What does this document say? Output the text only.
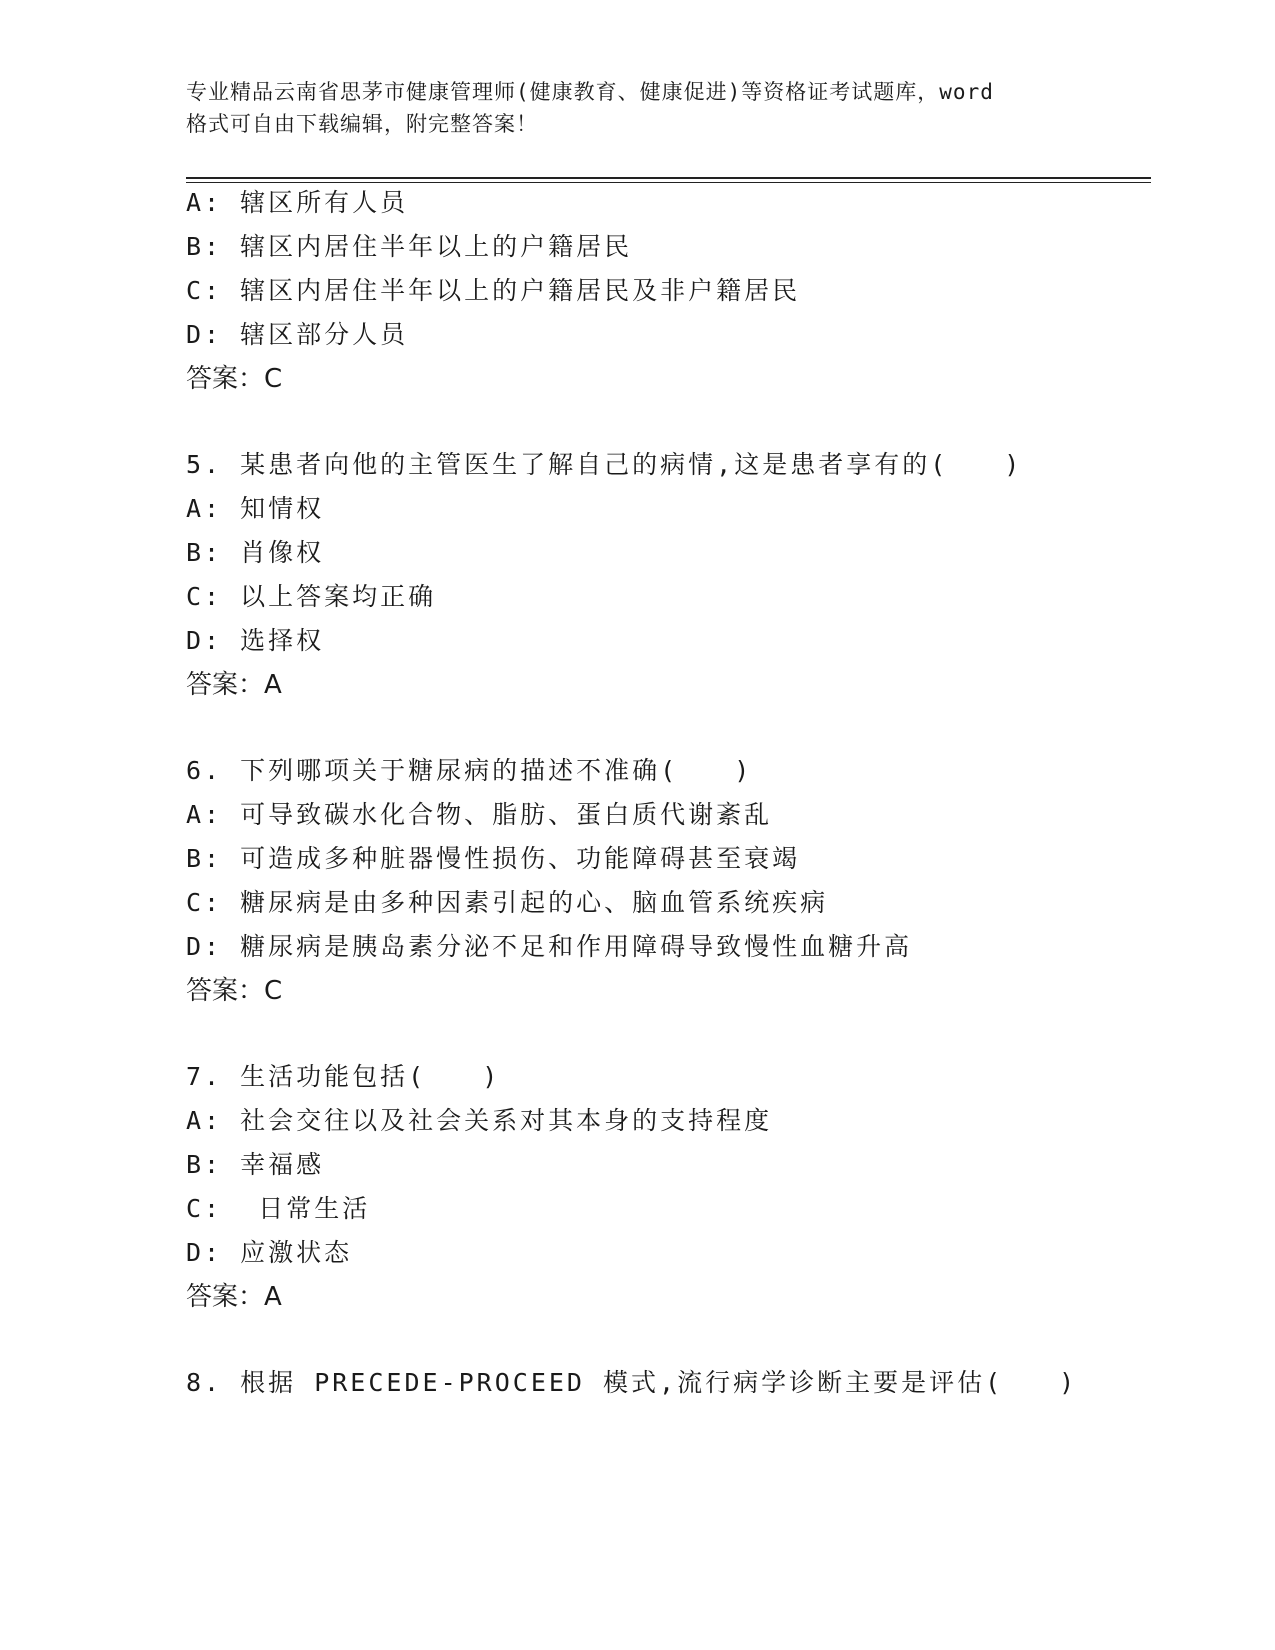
专业精品云南省思茅市健康管理师(健康教育、健康促进)等资格证考试题库，word
格式可自由下载编辑，附完整答案！
A: 辖区所有人员
B: 辖区内居住半年以上的户籍居民
C: 辖区内居住半年以上的户籍居民及非户籍居民
D: 辖区部分人员
答案：C
5. 某患者向他的主管医生了解自己的病情,这是患者享有的(　　)
A: 知情权
B: 肖像权
C: 以上答案均正确
D: 选择权
答案：A
6. 下列哪项关于糖尿病的描述不准确(　　)
A: 可导致碳水化合物、脂肪、蛋白质代谢紊乱
B: 可造成多种脏器慢性损伤、功能障碍甚至衰竭
C: 糖尿病是由多种因素引起的心、脑血管系统疾病
D: 糖尿病是胰岛素分泌不足和作用障碍导致慢性血糖升高
答案：C
7. 生活功能包括(　　)
A: 社会交往以及社会关系对其本身的支持程度
B: 幸福感
C:  日常生活
D: 应激状态
答案：A
8. 根据 PRECEDE-PROCEED 模式,流行病学诊断主要是评估(　　)
